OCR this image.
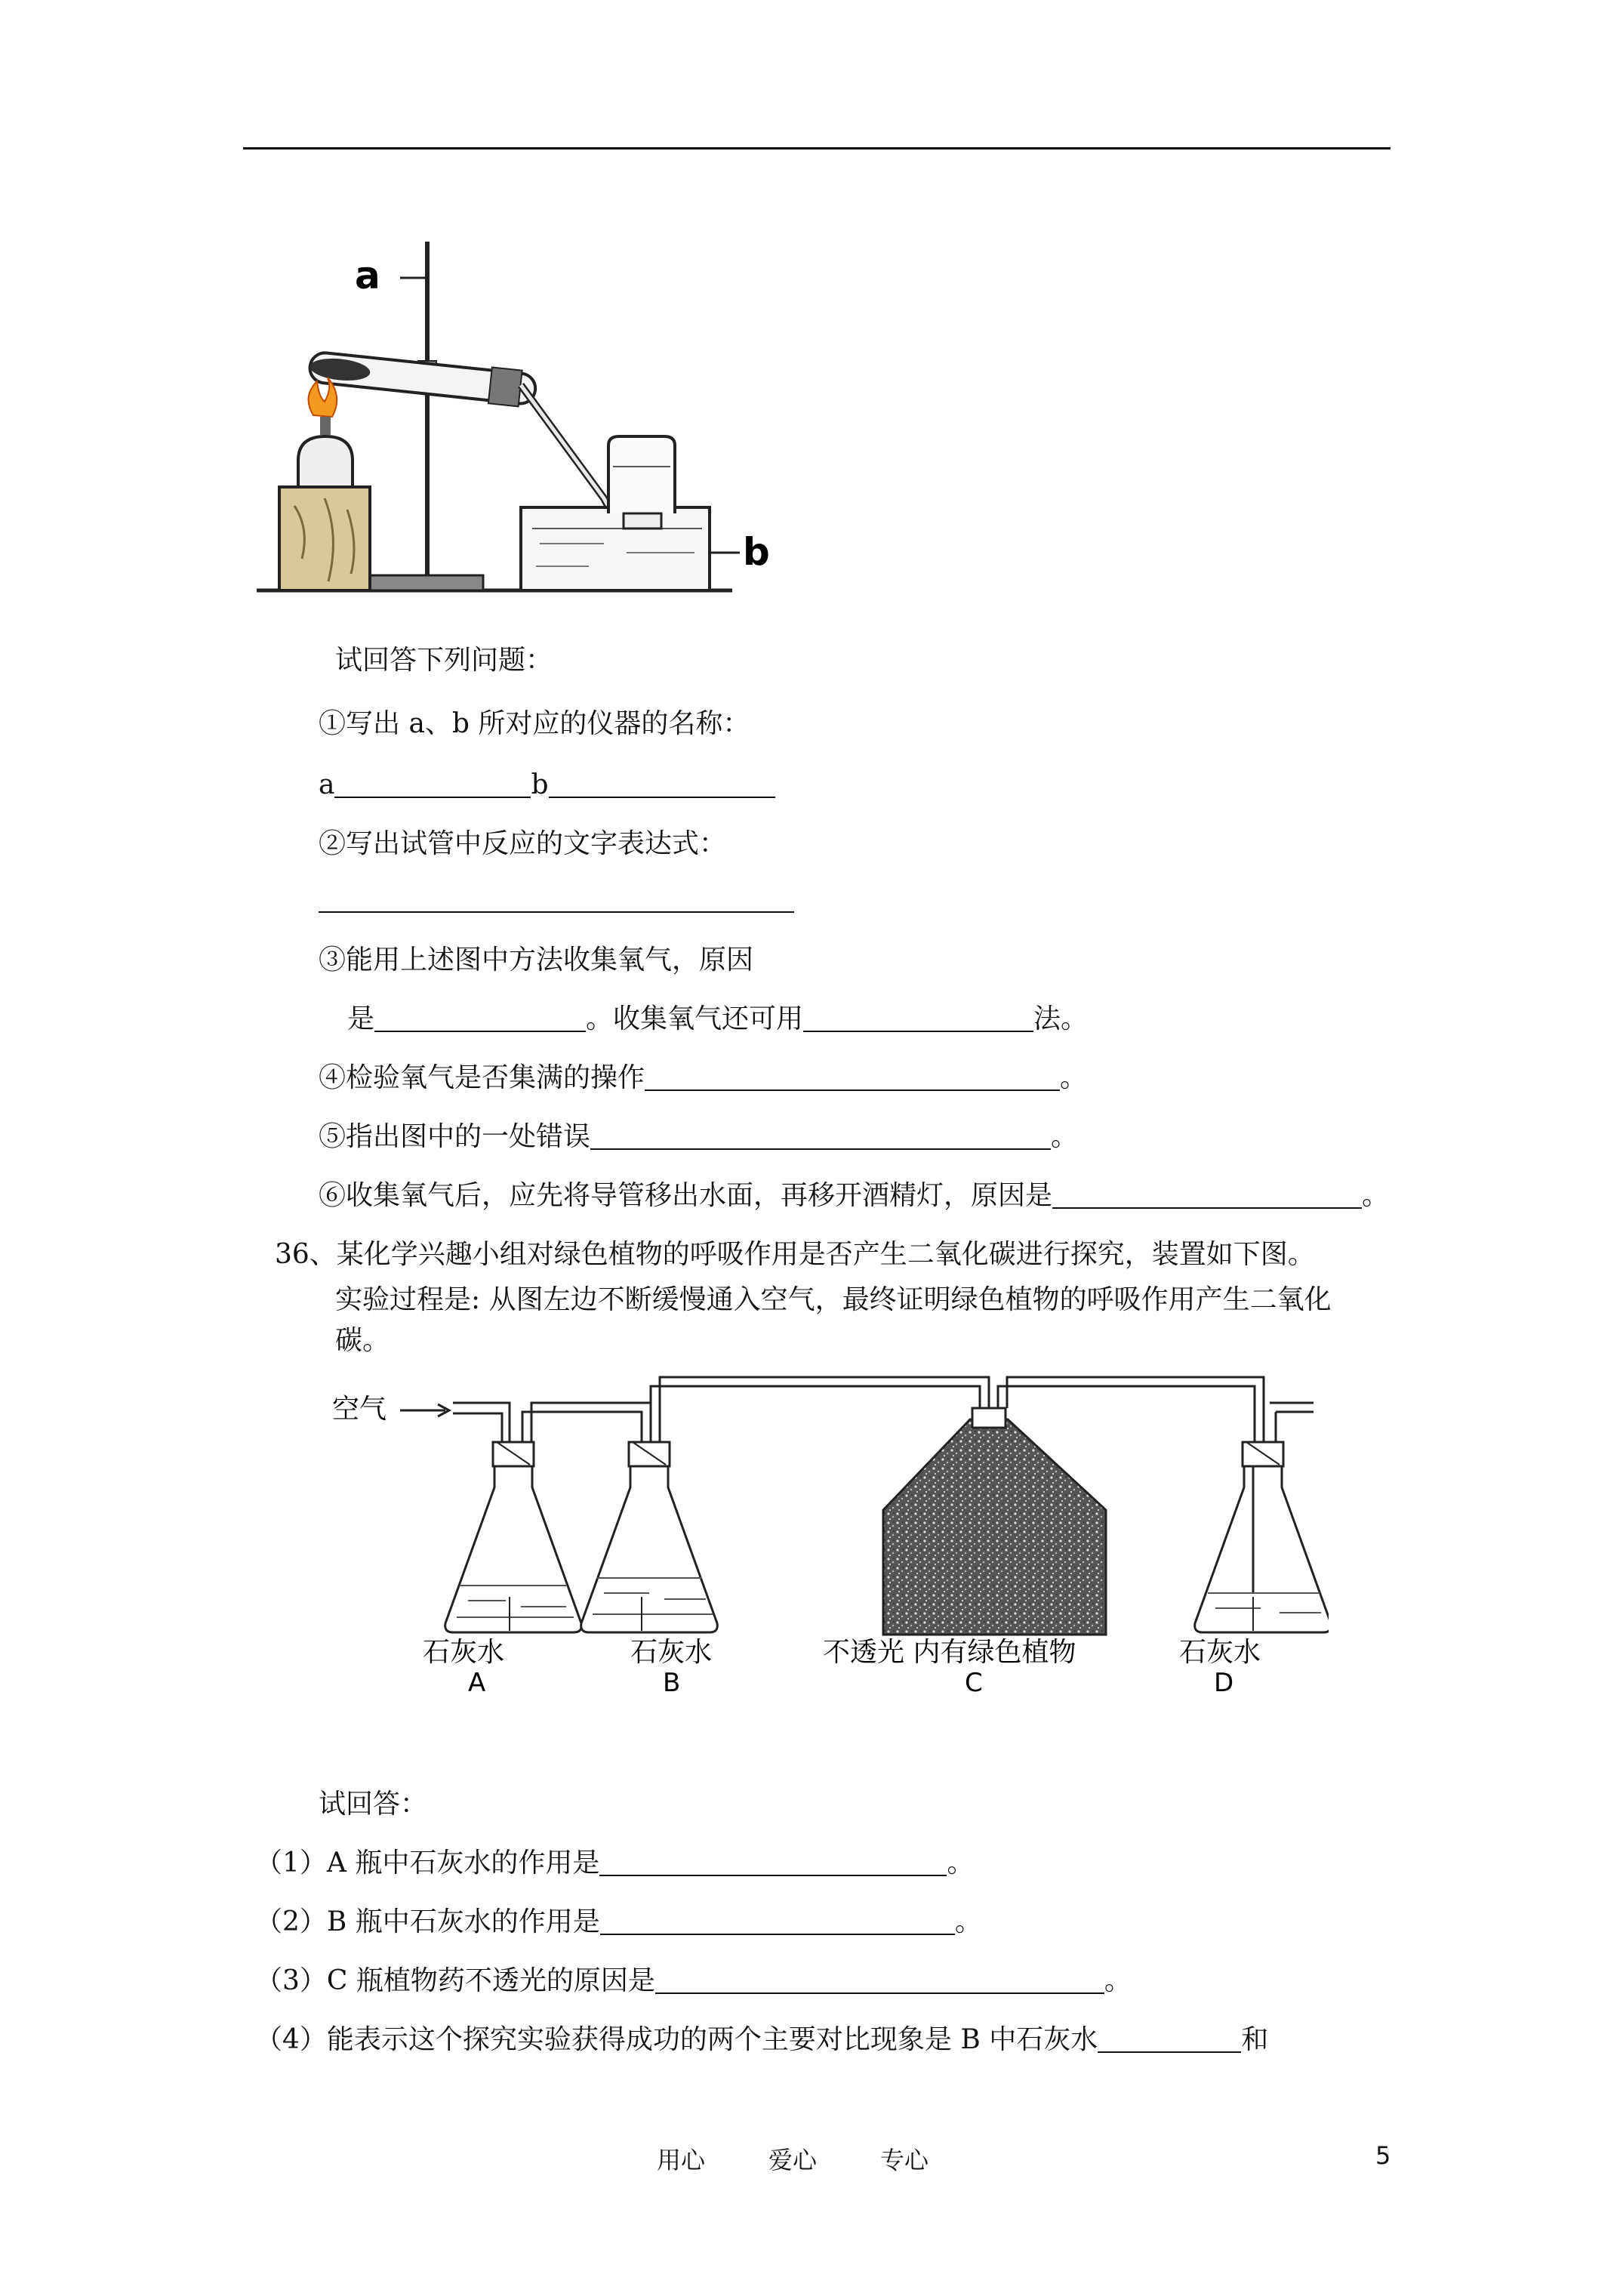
a
b
试回答下列问题：
①写出 a、b 所对应的仪器的名称：
a	b
②写出试管中反应的文字表达式：
③能用上述图中方法收集氧气，原因
是	。收集氧气还可用	法。
④检验氧气是否集满的操作	。
⑤指出图中的一处错误	。
⑥收集氧气后，应先将导管移出水面，再移开酒精灯，原因是	。
36、某化学兴趣小组对绿色植物的呼吸作用是否产生二氧化碳进行探究，装置如下图。
实验过程是: 从图左边不断缓慢通入空气，最终证明绿色植物的呼吸作用产生二氧化
碳。
空气
石灰水
A
石灰水
B
不透光 内有绿色植物
C
石灰水
D
试回答：
（1）A 瓶中石灰水的作用是	。
（2）B 瓶中石灰水的作用是	。
（3）C 瓶植物药不透光的原因是	。
（4）能表示这个探究实验获得成功的两个主要对比现象是 B 中石灰水	和
用心	爱心	专心	5
